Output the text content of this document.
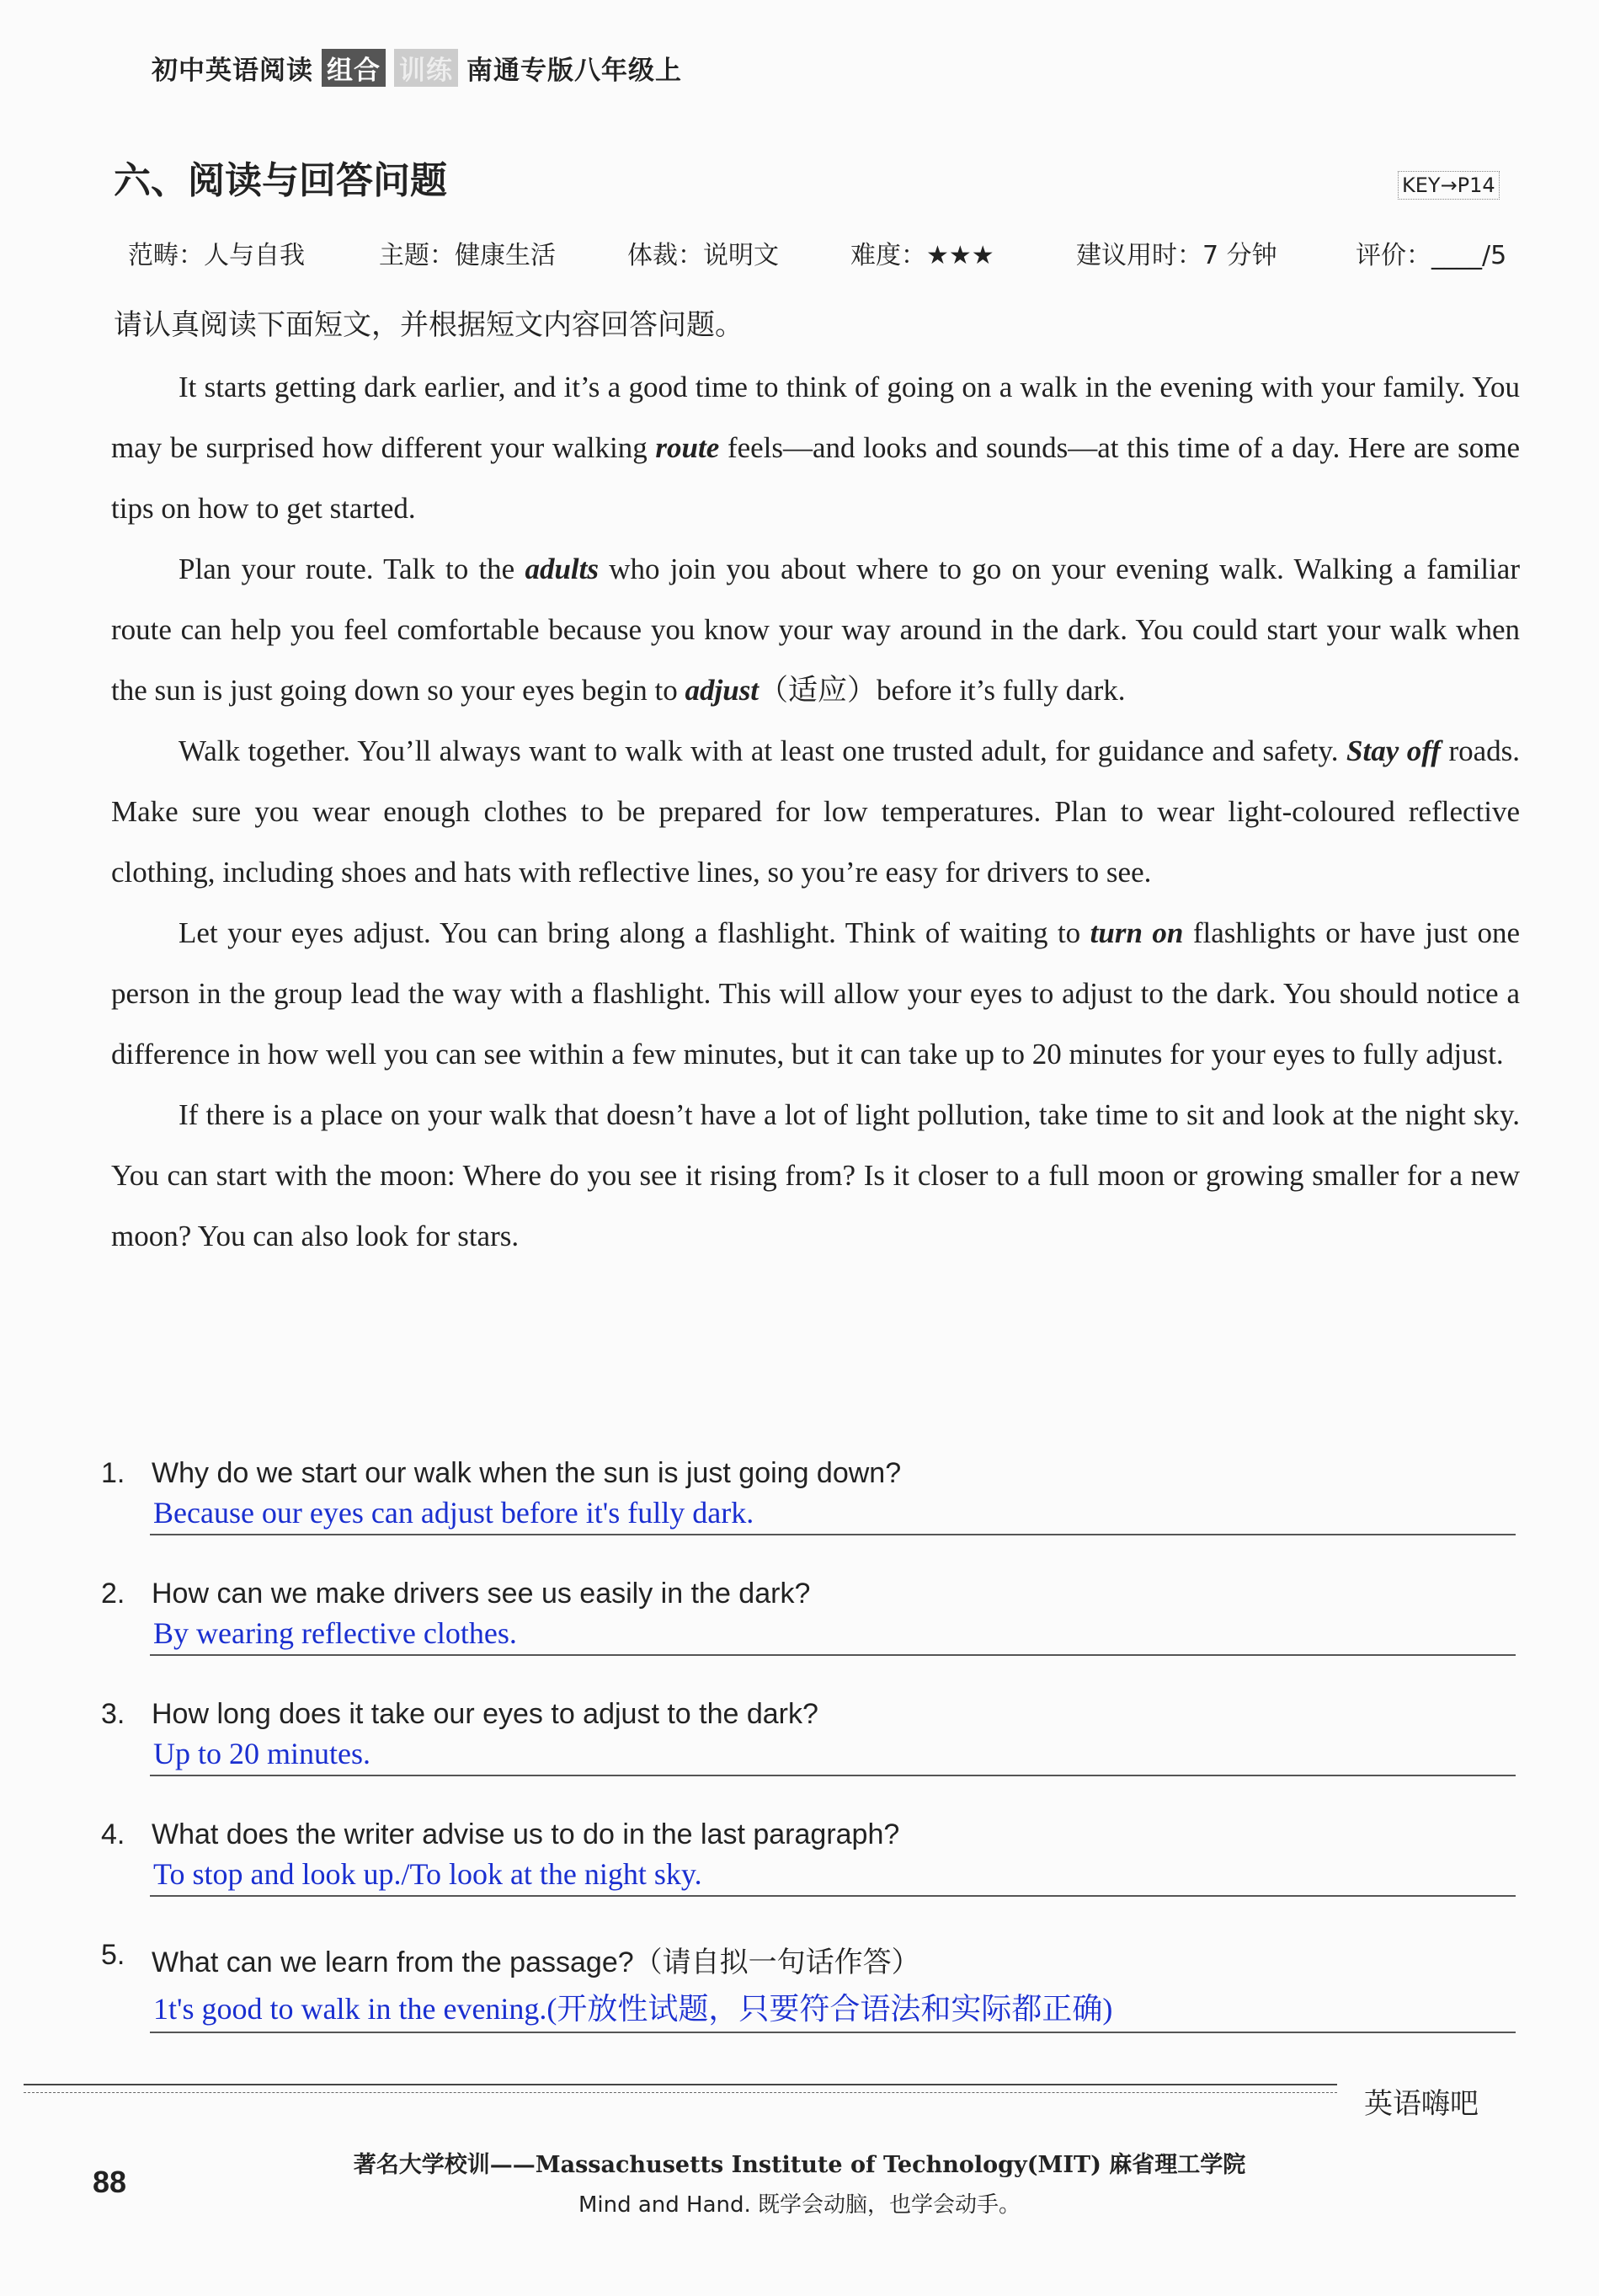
初中英语阅读 组合 训练 南通专版八年级上
六、阅读与回答问题	KEY→P14
范畴：人与自我	主题：健康生活	体裁：说明文	难度：★★★	建议用时：7 分钟	评价：____/5
请认真阅读下面短文，并根据短文内容回答问题。

It starts getting dark earlier, and it’s a good time to think of going on a walk in the evening with your family. You may be surprised how different your walking route feels—and looks and sounds—at this time of a day. Here are some tips on how to get started.

Plan your route. Talk to the adults who join you about where to go on your evening walk. Walking a familiar route can help you feel comfortable because you know your way around in the dark. You could start your walk when the sun is just going down so your eyes begin to adjust（适应）before it’s fully dark.

Walk together. You’ll always want to walk with at least one trusted adult, for guidance and safety. Stay off roads. Make sure you wear enough clothes to be prepared for low temperatures. Plan to wear light-coloured reflective clothing, including shoes and hats with reflective lines, so you’re easy for drivers to see.

Let your eyes adjust. You can bring along a flashlight. Think of waiting to turn on flashlights or have just one person in the group lead the way with a flashlight. This will allow your eyes to adjust to the dark. You should notice a difference in how well you can see within a few minutes, but it can take up to 20 minutes for your eyes to fully adjust.

If there is a place on your walk that doesn’t have a lot of light pollution, take time to sit and look at the night sky. You can start with the moon: Where do you see it rising from? Is it closer to a full moon or growing smaller for a new moon? You can also look for stars.

1. Why do we start our walk when the sun is just going down?
Because our eyes can adjust before it's fully dark.
2. How can we make drivers see us easily in the dark?
By wearing reflective clothes.
3. How long does it take our eyes to adjust to the dark?
Up to 20 minutes.
4. What does the writer advise us to do in the last paragraph?
To stop and look up./To look at the night sky.
5. What can we learn from the passage?（请自拟一句话作答）
1t's good to walk in the evening.(开放性试题，只要符合语法和实际都正确)
英语嗨吧
88	著名大学校训——Massachusetts Institute of Technology(MIT) 麻省理工学院
Mind and Hand. 既学会动脑，也学会动手。
